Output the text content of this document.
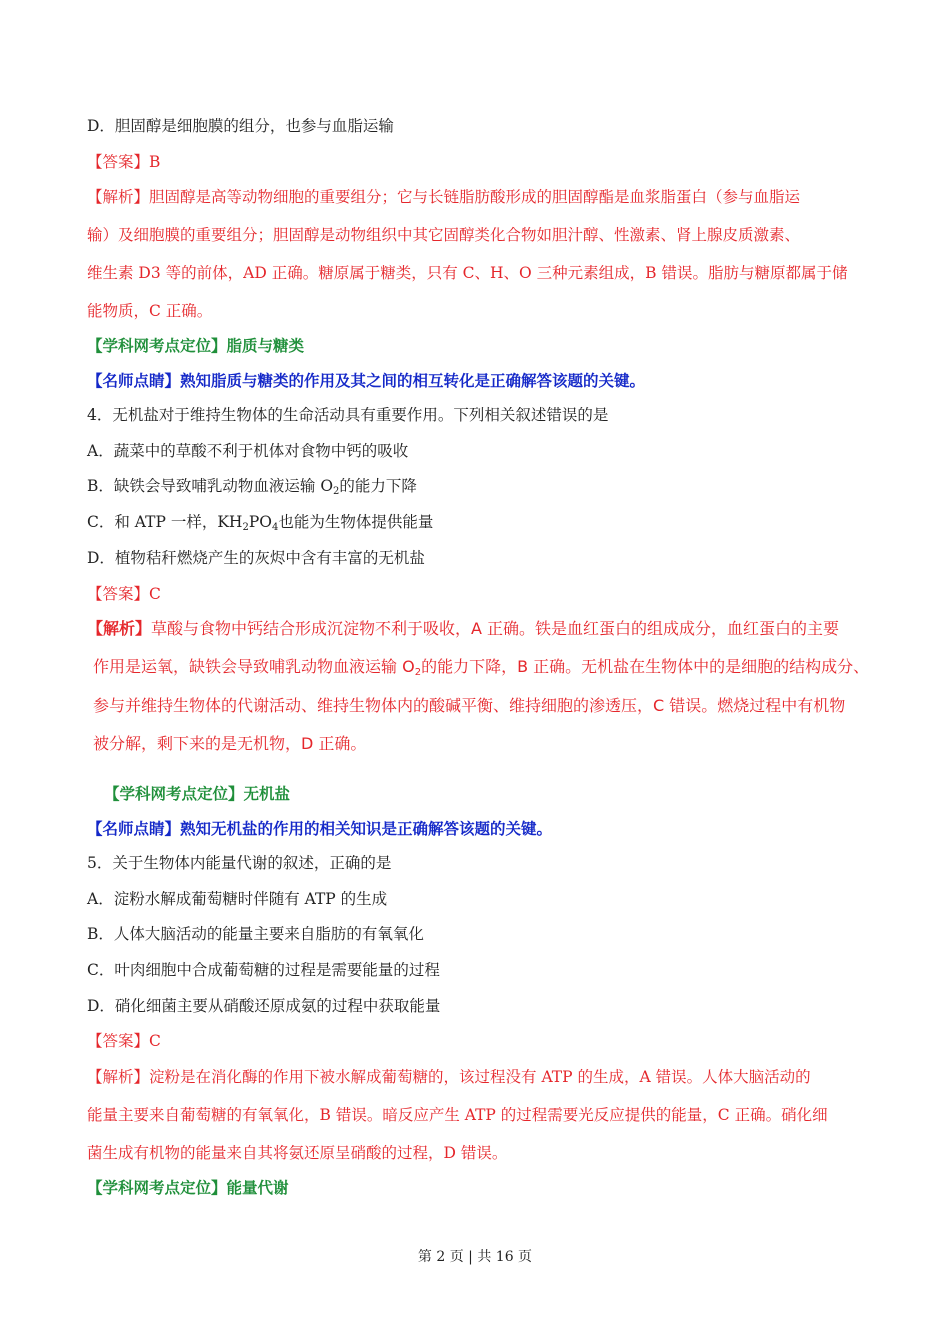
D．胆固醇是细胞膜的组分，也参与血脂运输
【答案】B
【解析】胆固醇是高等动物细胞的重要组分；它与长链脂肪酸形成的胆固醇酯是血浆脂蛋白（参与血脂运
输）及细胞膜的重要组分；胆固醇是动物组织中其它固醇类化合物如胆汁醇、性激素、肾上腺皮质激素、
维生素 D3 等的前体，AD 正确。糖原属于糖类，只有 C、H、O 三种元素组成，B 错误。脂肪与糖原都属于储
能物质，C 正确。
【学科网考点定位】脂质与糖类
【名师点睛】熟知脂质与糖类的作用及其之间的相互转化是正确解答该题的关键。
4．无机盐对于维持生物体的生命活动具有重要作用。下列相关叙述错误的是
A．蔬菜中的草酸不利于机体对食物中钙的吸收
B．缺铁会导致哺乳动物血液运输 $O_2$的能力下降
C．和 ATP 一样，$KH_2PO_4$也能为生物体提供能量
D．植物秸秆燃烧产生的灰烬中含有丰富的无机盐
【答案】C
【解析】草酸与食物中钙结合形成沉淀物不利于吸收，A 正确。铁是血红蛋白的组成成分，血红蛋白的主要
作用是运氧，缺铁会导致哺乳动物血液运输 $O_2$的能力下降，B 正确。无机盐在生物体中的是细胞的结构成分、
参与并维持生物体的代谢活动、维持生物体内的酸碱平衡、维持细胞的渗透压，C 错误。燃烧过程中有机物
被分解，剩下来的是无机物，D 正确。
【学科网考点定位】无机盐
【名师点睛】熟知无机盐的作用的相关知识是正确解答该题的关键。
5．关于生物体内能量代谢的叙述，正确的是
A．淀粉水解成葡萄糖时伴随有 ATP 的生成
B．人体大脑活动的能量主要来自脂肪的有氧氧化
C．叶肉细胞中合成葡萄糖的过程是需要能量的过程
D．硝化细菌主要从硝酸还原成氨的过程中获取能量
【答案】C
【解析】淀粉是在消化酶的作用下被水解成葡萄糖的，该过程没有 ATP 的生成，A 错误。人体大脑活动的
能量主要来自葡萄糖的有氧氧化，B 错误。暗反应产生 ATP 的过程需要光反应提供的能量，C 正确。硝化细
菌生成有机物的能量来自其将氨还原呈硝酸的过程，D 错误。
【学科网考点定位】能量代谢
第 2 页 | 共 16 页
